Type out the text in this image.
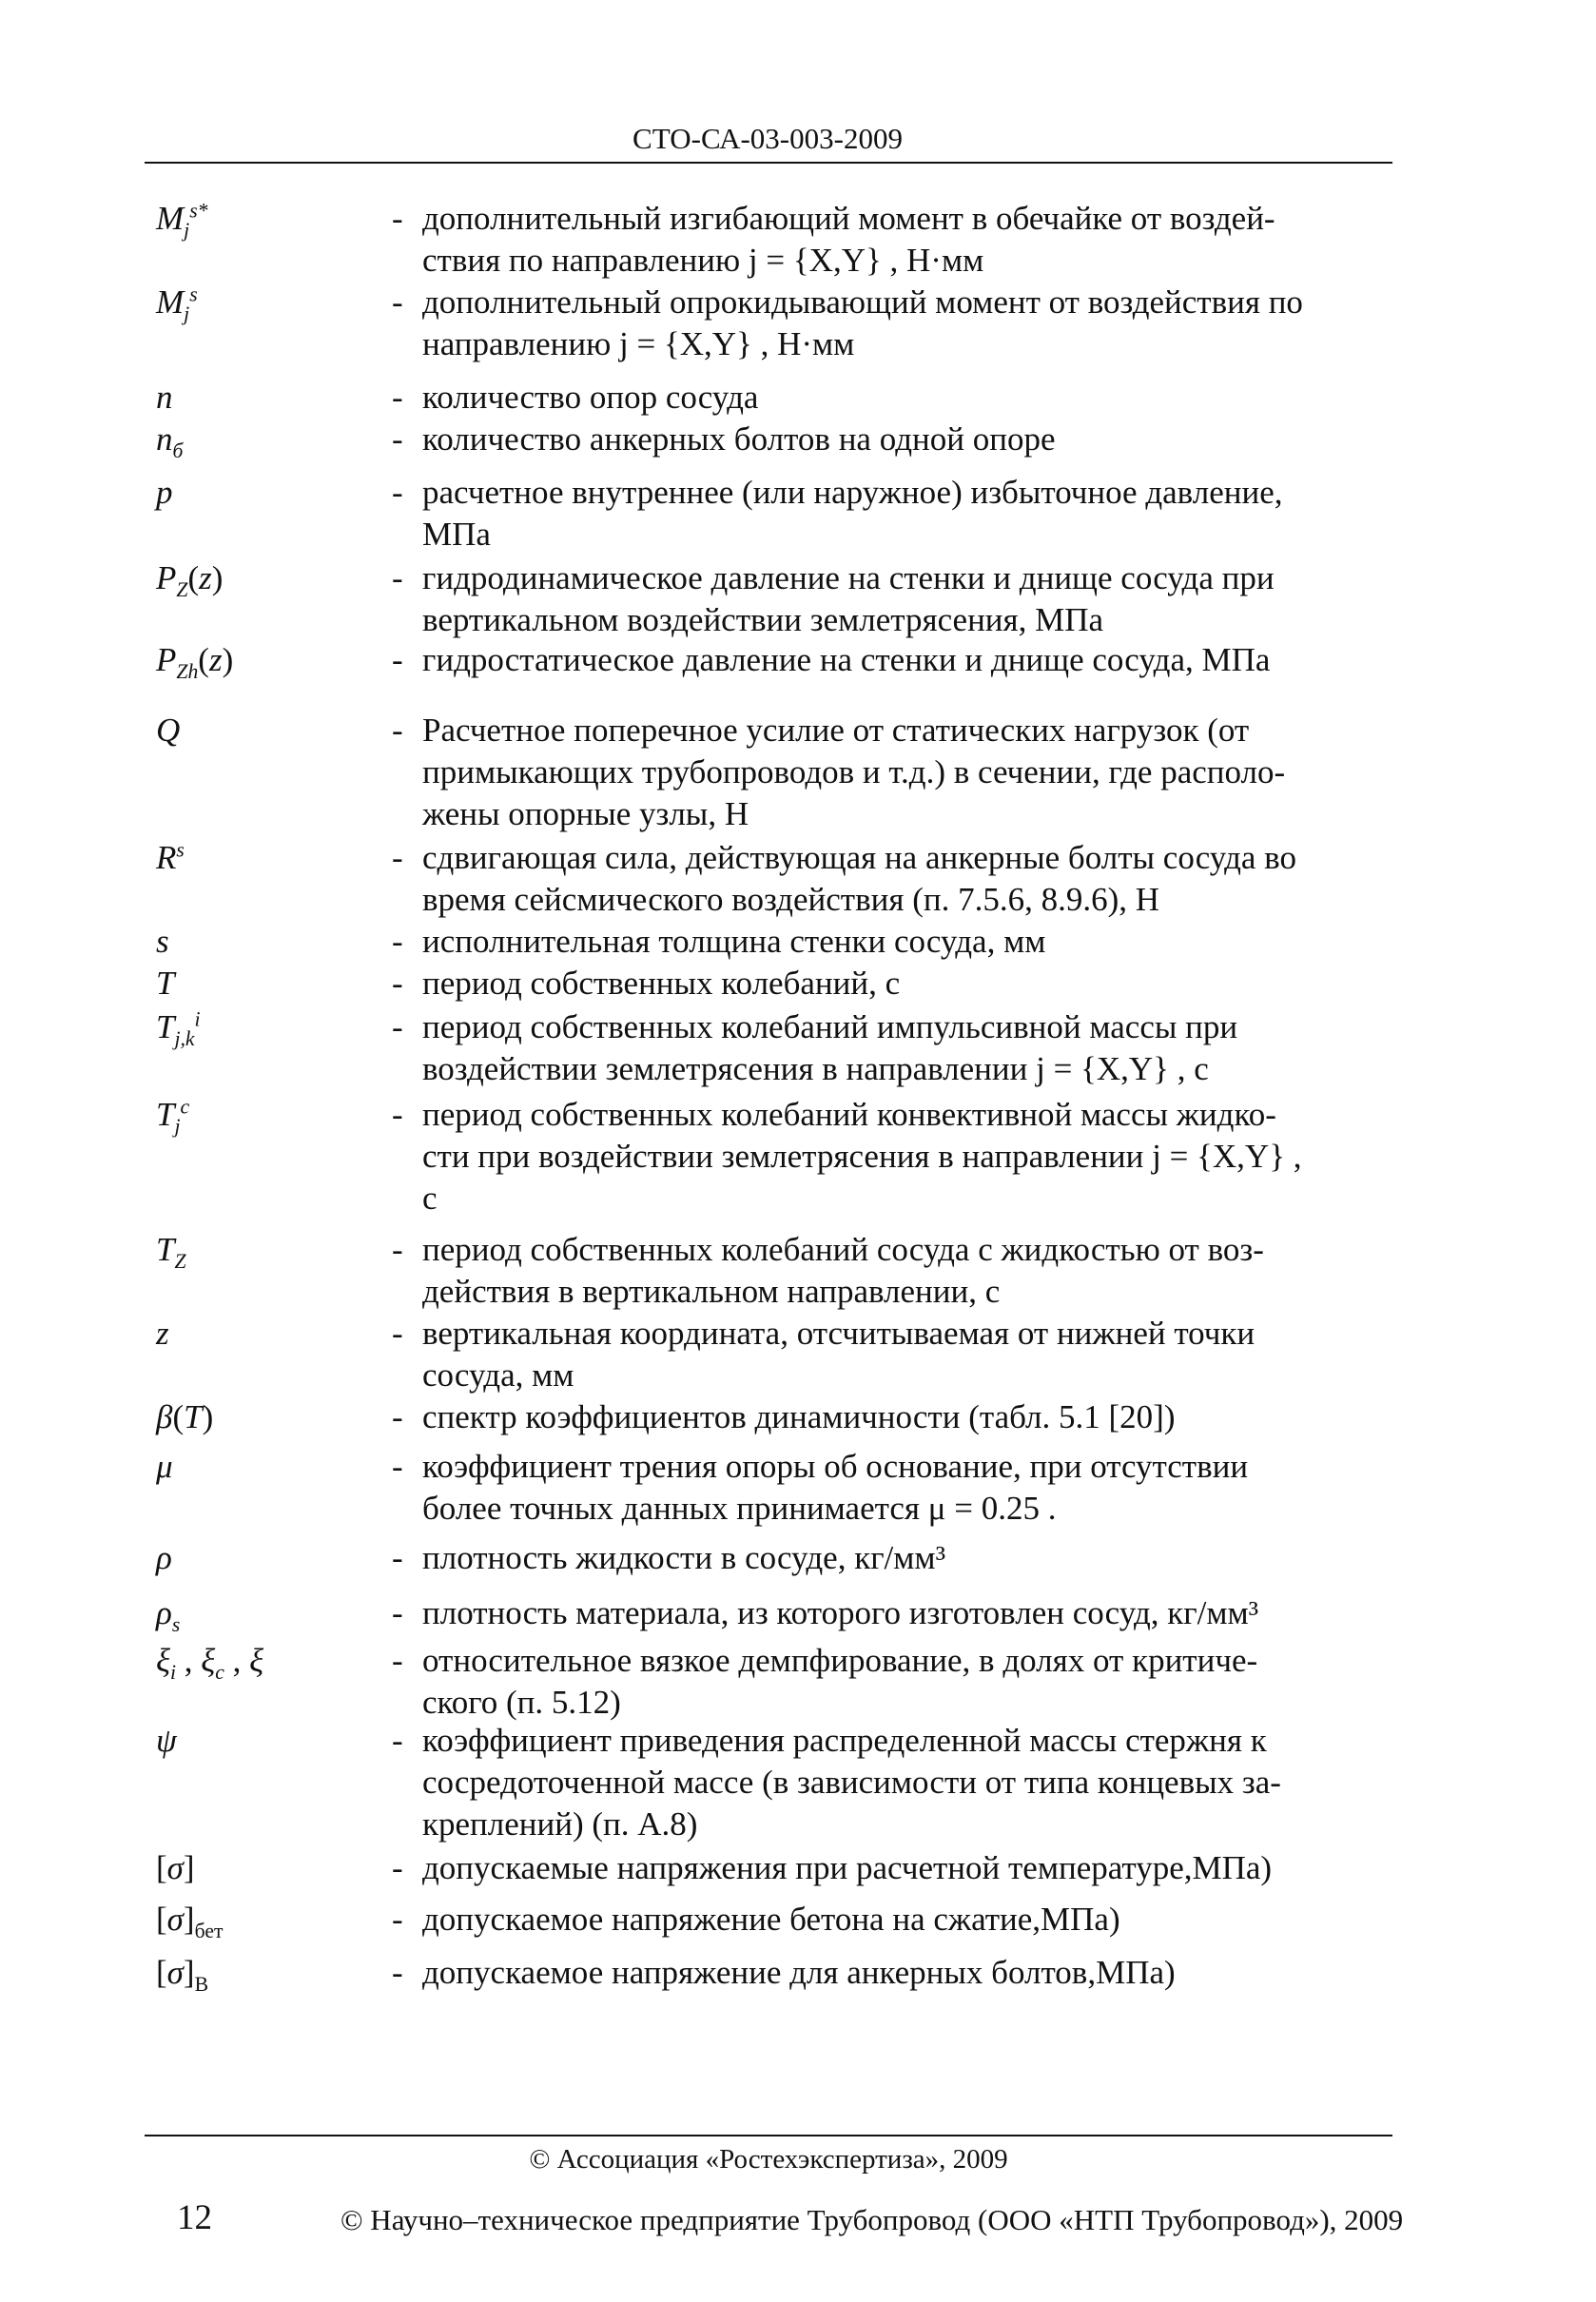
СТО-СА-03-003-2009
$M_j^{s*}$	- дополнительный изгибающий момент в обечайке от воздей-
ствия по направлению j = {X,Y} , Н·мм
$M_j^s$	- дополнительный опрокидывающий момент от воздействия по
направлению j = {X,Y} , Н·мм
n	- количество опор сосуда
$n_б$	- количество анкерных болтов на одной опоре
p	- расчетное внутреннее (или наружное) избыточное давление,
МПа
$P_Z(z)$	- гидродинамическое давление на стенки и днище сосуда при
вертикальном воздействии землетрясения, МПа
$P_{Zh}(z)$	- гидростатическое давление на стенки и днище сосуда, МПа
Q	- Расчетное поперечное усилие от статических нагрузок (от
примыкающих трубопроводов и т.д.) в сечении, где располо-
жены опорные узлы, Н
$R^s$	- сдвигающая сила, действующая на анкерные болты сосуда во
время сейсмического воздействия (п. 7.5.6, 8.9.6), Н
s	- исполнительная толщина стенки сосуда, мм
T	- период собственных колебаний, с
$T_{j,k}^i$	- период собственных колебаний импульсивной массы при
воздействии землетрясения в направлении j = {X,Y} , с
$T_j^c$	- период собственных колебаний конвективной массы жидко-
сти при воздействии землетрясения в направлении j = {X,Y} ,
с
$T_Z$	- период собственных колебаний сосуда с жидкостью от воз-
действия в вертикальном направлении, с
z	- вертикальная координата, отсчитываемая от нижней точки
сосуда, мм
β(T)	- спектр коэффициентов динамичности (табл. 5.1 [20])
μ	- коэффициент трения опоры об основание, при отсутствии
более точных данных принимается μ = 0.25 .
ρ	- плотность жидкости в сосуде, кг/мм³
$\rho_s$	- плотность материала, из которого изготовлен сосуд, кг/мм³
$\xi_i$ , $\xi_c$ , ξ	- относительное вязкое демпфирование, в долях от критиче-
ского (п. 5.12)
ψ	- коэффициент приведения распределенной массы стержня к
сосредоточенной массе (в зависимости от типа концевых за-
креплений) (п. А.8)
[σ]	- допускаемые напряжения при расчетной температуре,МПа)
$[\sigma]_{бет}$	- допускаемое напряжение бетона на сжатие,МПа)
$[\sigma]_B$	- допускаемое напряжение для анкерных болтов,МПа)
© Ассоциация «Ростехэкспертиза», 2009
12	© Научно–техническое предприятие Трубопровод (ООО «НТП Трубопровод»), 2009
